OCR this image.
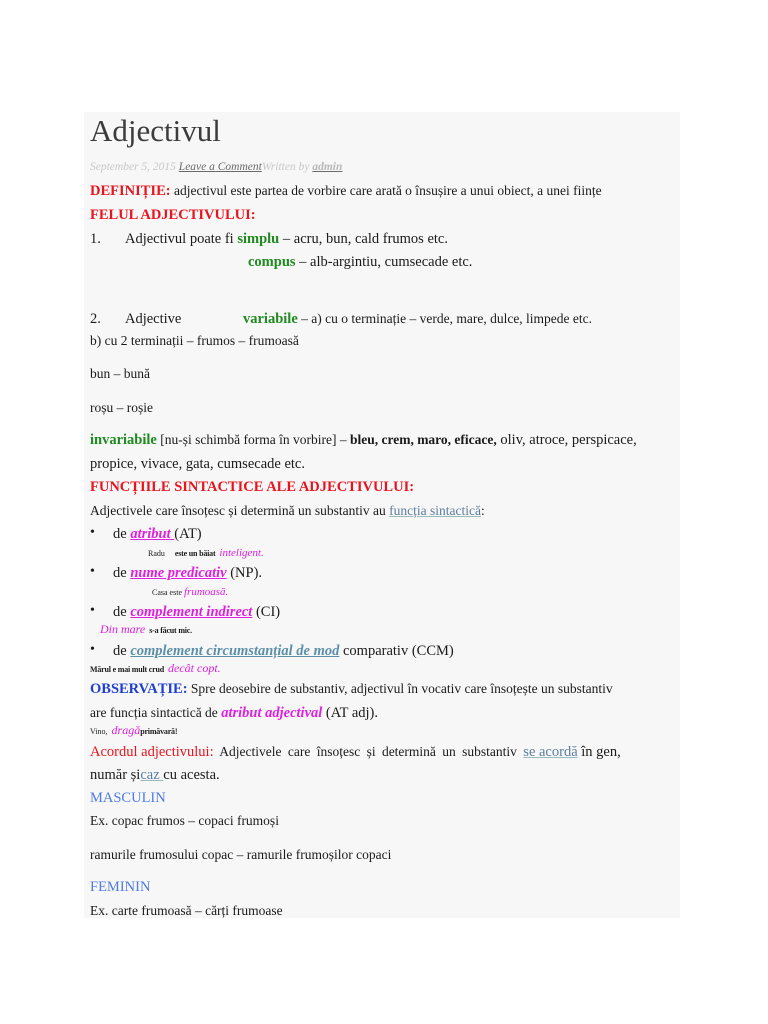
Adjectivul
September 5, 2015 Leave a CommentWritten by admin
DEFINIȚIE: adjectivul este partea de vorbire care arată o însușire a unui obiect, a unei ființe
FELUL ADJECTIVULUI:
1. Adjectivul poate fi simplu – acru, bun, cald frumos etc.
compus – alb-argintiu, cumsecade etc.
2. Adjective	variabile – a) cu o terminație – verde, mare, dulce, limpede etc.
b) cu 2 terminații – frumos – frumoasă
bun – bună
roșu – roșie
invariabile [nu-și schimbă forma în vorbire] – bleu, crem, maro, eficace, oliv, atroce, perspicace,
propice, vivace, gata, cumsecade etc.
FUNCȚIILE SINTACTICE ALE ADJECTIVULUI:
Adjectivele care însoțesc și determină un substantiv au funcția sintactică:
• de atribut (AT)
Radu este un băiat inteligent.
• de nume predicativ (NP).
Casa este frumoasă.
• de complement indirect (CI)
Din mare s-a făcut mic.
• de complement circumstanțial de mod comparativ (CCM)
Mărul e mai mult crud decât copt.
OBSERVAȚIE: Spre deosebire de substantiv, adjectivul în vocativ care însoțește un substantiv
are funcția sintactică de atribut adjectival (AT adj).
Vino, dragăprimăvară!
Acordul adjectivului: Adjectivele care însoțesc și determină un substantiv se acordă în gen,
număr șicaz cu acesta.
MASCULIN
Ex. copac frumos – copaci frumoși
ramurile frumosului copac – ramurile frumoșilor copaci
FEMININ
Ex. carte frumoasă – cărți frumoase
